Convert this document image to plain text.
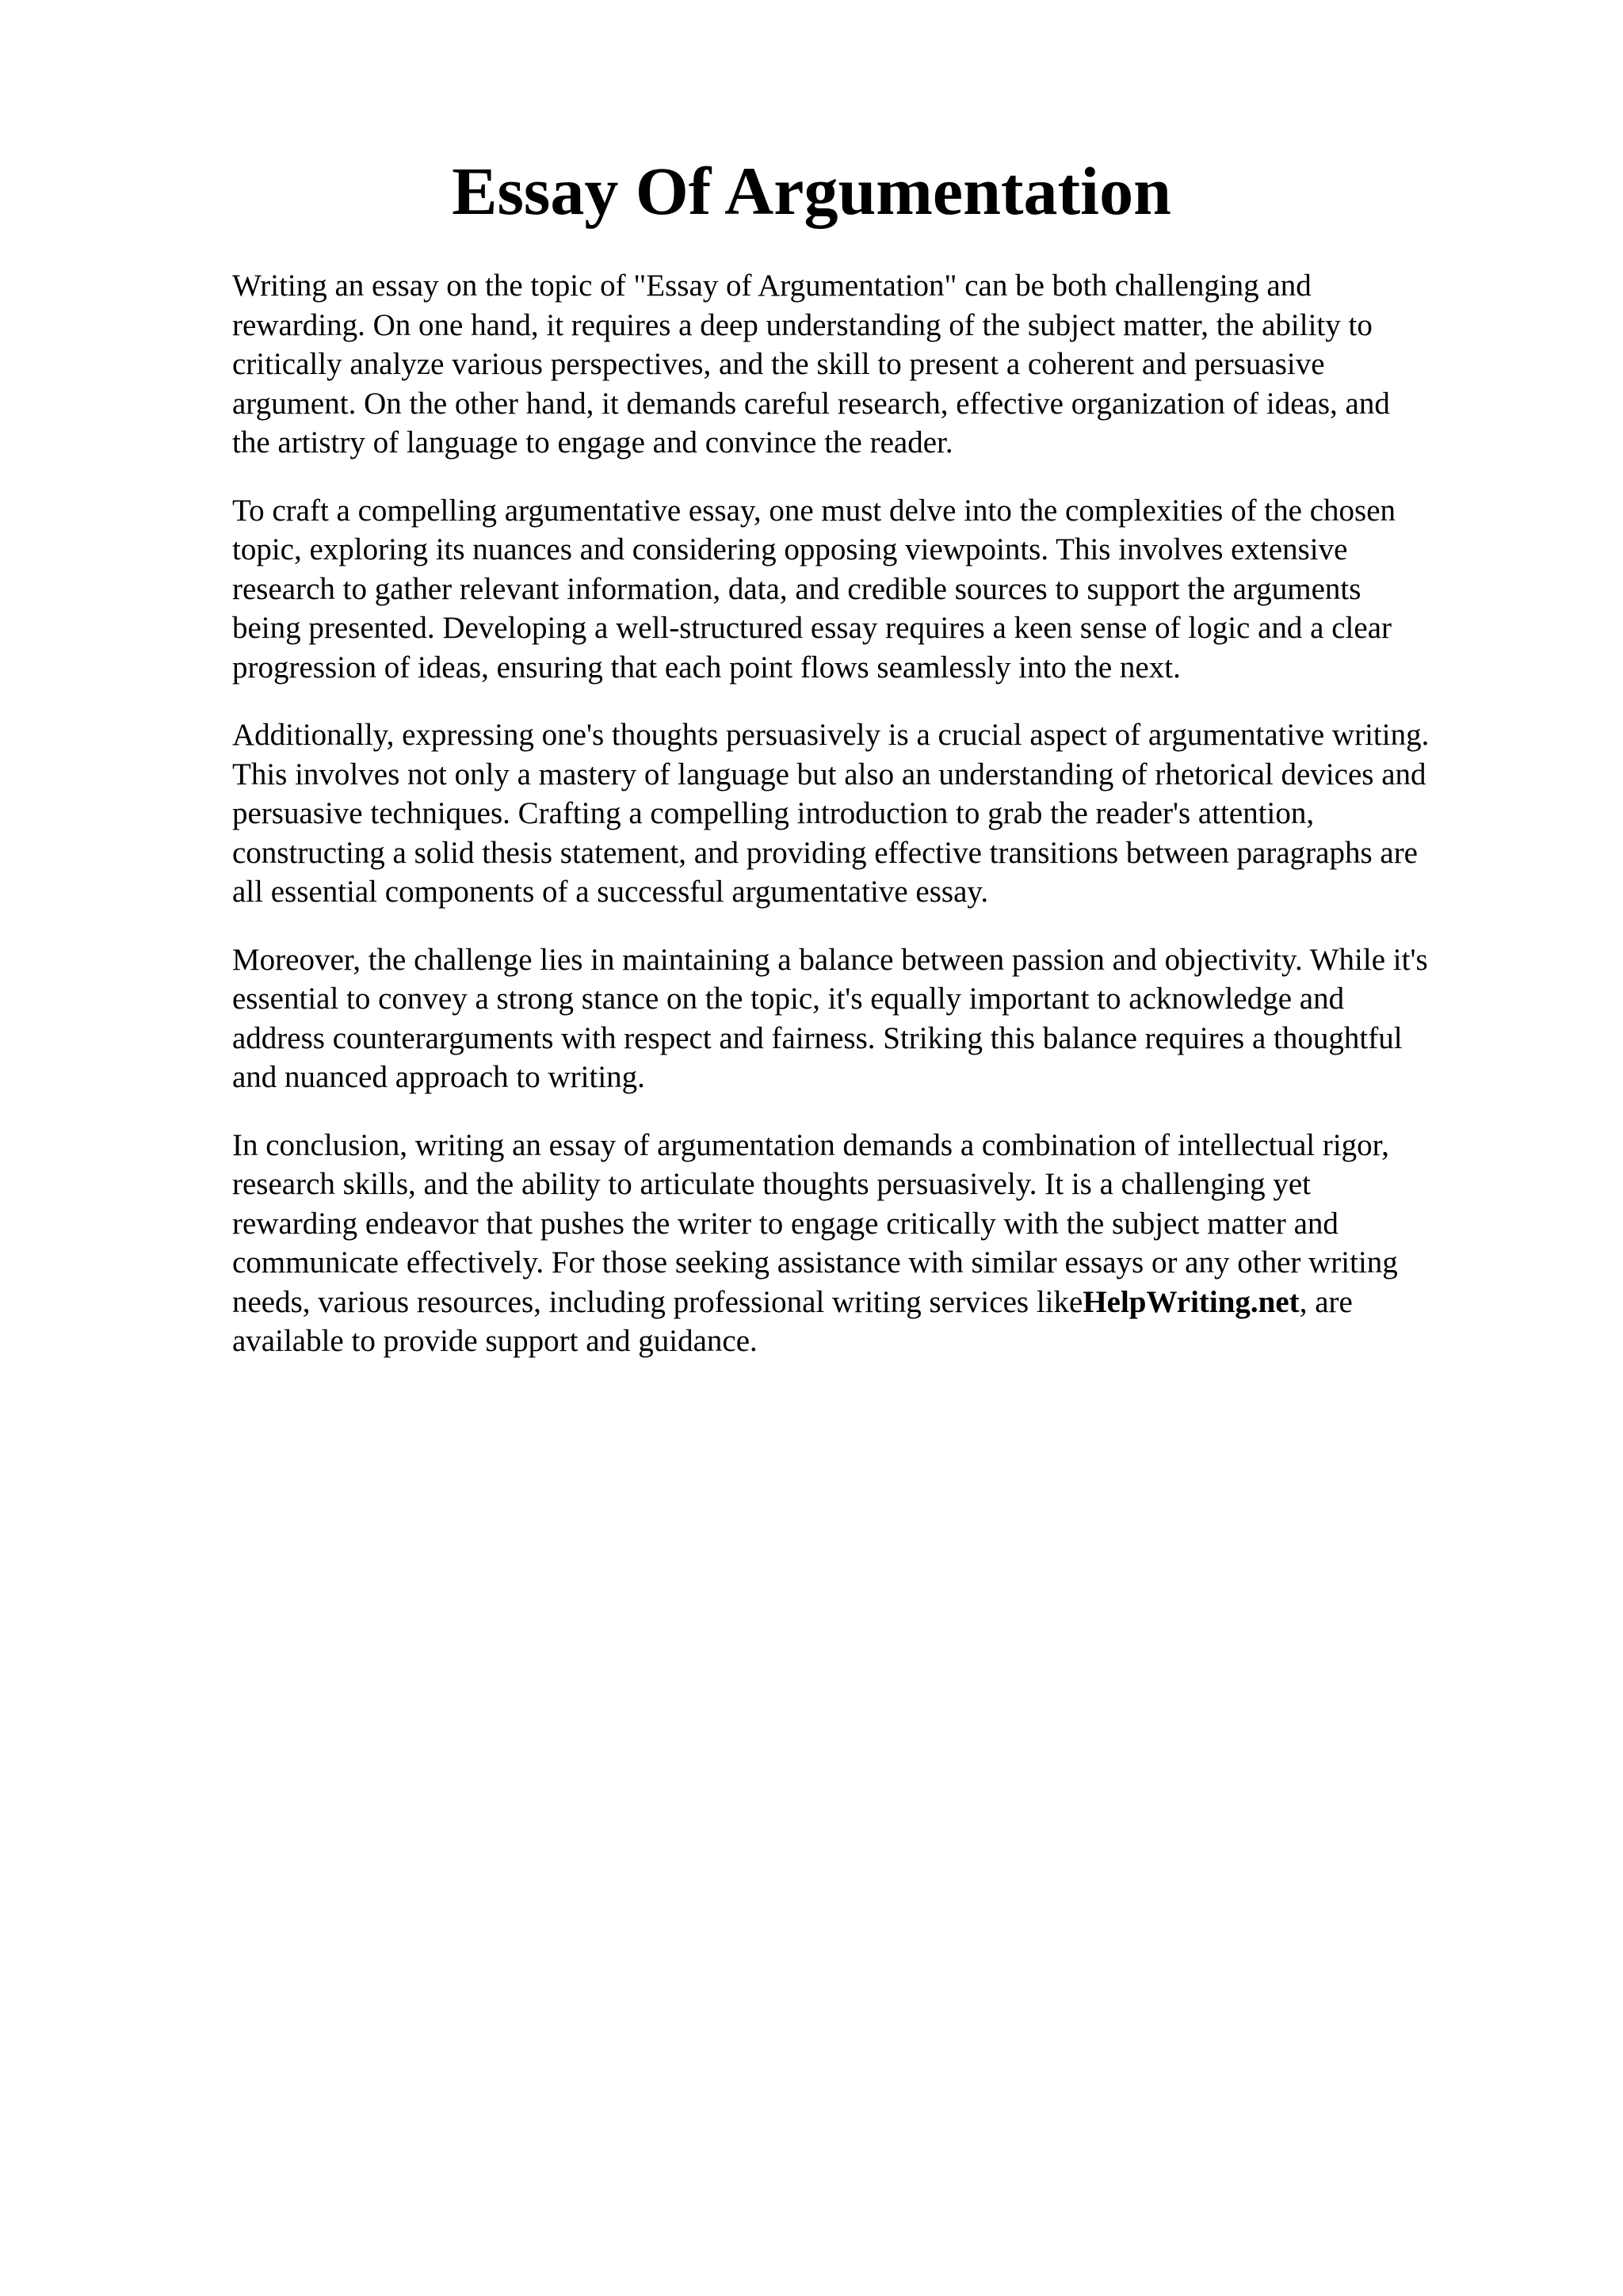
Essay Of Argumentation

Writing an essay on the topic of "Essay of Argumentation" can be both challenging and
rewarding. On one hand, it requires a deep understanding of the subject matter, the ability to
critically analyze various perspectives, and the skill to present a coherent and persuasive
argument. On the other hand, it demands careful research, effective organization of ideas, and
the artistry of language to engage and convince the reader.

To craft a compelling argumentative essay, one must delve into the complexities of the chosen
topic, exploring its nuances and considering opposing viewpoints. This involves extensive
research to gather relevant information, data, and credible sources to support the arguments
being presented. Developing a well-structured essay requires a keen sense of logic and a clear
progression of ideas, ensuring that each point flows seamlessly into the next.

Additionally, expressing one's thoughts persuasively is a crucial aspect of argumentative writing.
This involves not only a mastery of language but also an understanding of rhetorical devices and
persuasive techniques. Crafting a compelling introduction to grab the reader's attention,
constructing a solid thesis statement, and providing effective transitions between paragraphs are
all essential components of a successful argumentative essay.

Moreover, the challenge lies in maintaining a balance between passion and objectivity. While it's
essential to convey a strong stance on the topic, it's equally important to acknowledge and
address counterarguments with respect and fairness. Striking this balance requires a thoughtful
and nuanced approach to writing.

In conclusion, writing an essay of argumentation demands a combination of intellectual rigor,
research skills, and the ability to articulate thoughts persuasively. It is a challenging yet
rewarding endeavor that pushes the writer to engage critically with the subject matter and
communicate effectively. For those seeking assistance with similar essays or any other writing
needs, various resources, including professional writing services likeHelpWriting.net, are
available to provide support and guidance.
